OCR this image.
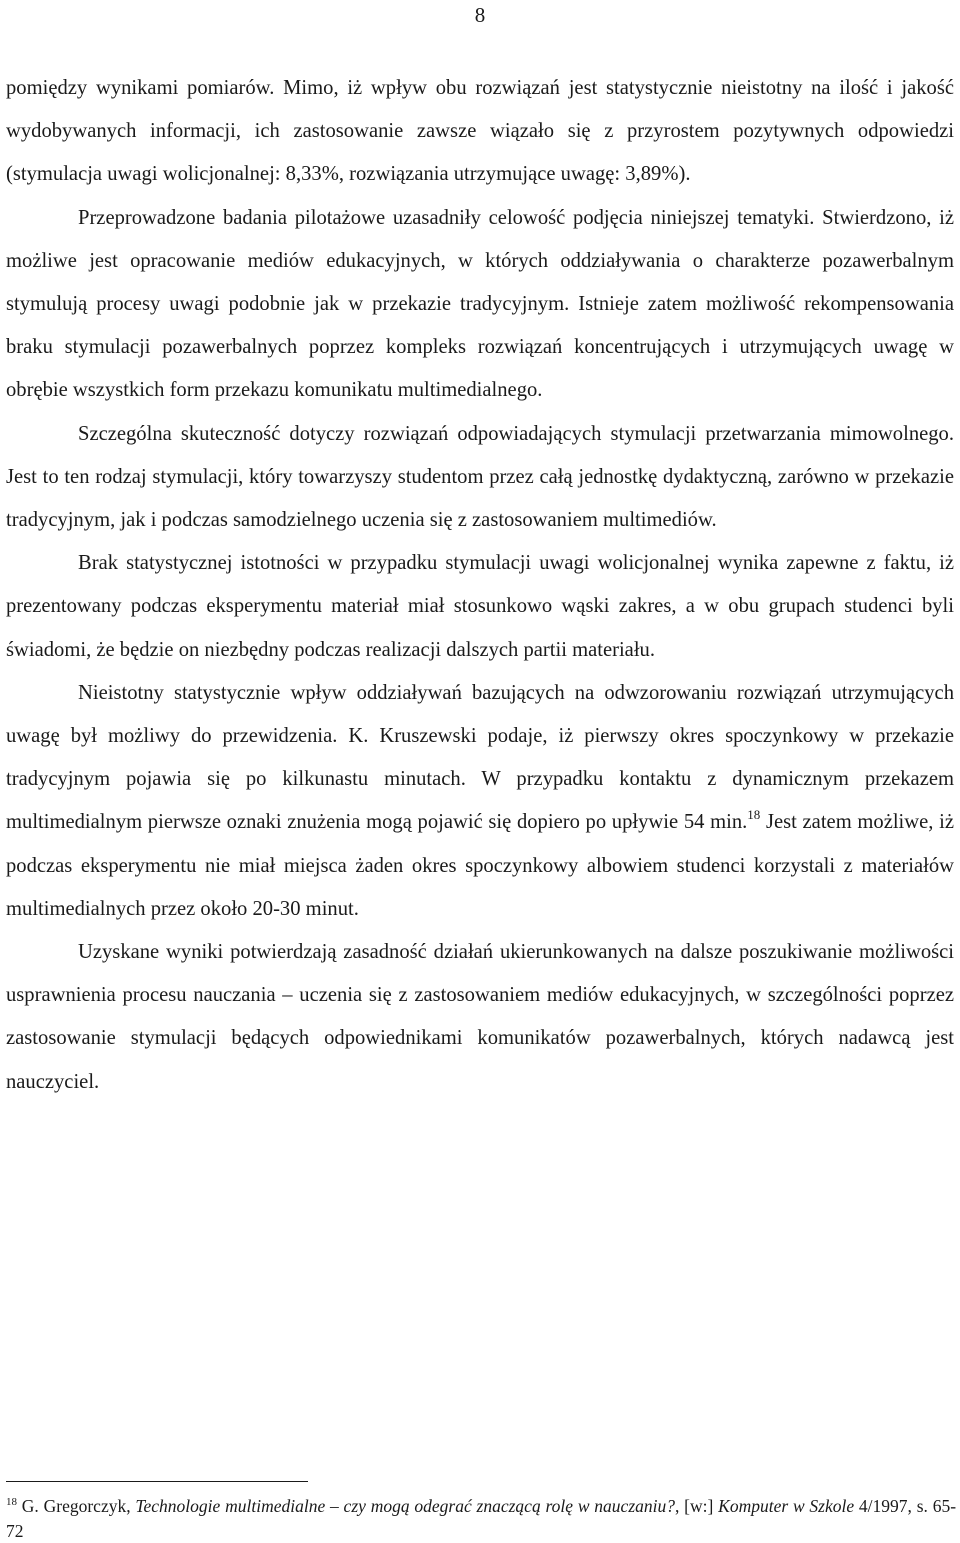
8

pomiędzy wynikami pomiarów. Mimo, iż wpływ obu rozwiązań jest statystycznie nieistotny na ilość i jakość wydobywanych informacji, ich zastosowanie zawsze wiązało się z przyrostem pozytywnych odpowiedzi (stymulacja uwagi wolicjonalnej: 8,33%, rozwiązania utrzymujące uwagę: 3,89%).

Przeprowadzone badania pilotażowe uzasadniły celowość podjęcia niniejszej tematyki. Stwierdzono, iż możliwe jest opracowanie mediów edukacyjnych, w których oddziaływania o charakterze pozawerbalnym stymulują procesy uwagi podobnie jak w przekazie tradycyjnym. Istnieje zatem możliwość rekompensowania braku stymulacji pozawerbalnych poprzez kompleks rozwiązań koncentrujących i utrzymujących uwagę w obrębie wszystkich form przekazu komunikatu multimedialnego.

Szczególna skuteczność dotyczy rozwiązań odpowiadających stymulacji przetwarzania mimowolnego. Jest to ten rodzaj stymulacji, który towarzyszy studentom przez całą jednostkę dydaktyczną, zarówno w przekazie tradycyjnym, jak i podczas samodzielnego uczenia się z zastosowaniem multimediów.

Brak statystycznej istotności w przypadku stymulacji uwagi wolicjonalnej wynika zapewne z faktu, iż prezentowany podczas eksperymentu materiał miał stosunkowo wąski zakres, a w obu grupach studenci byli świadomi, że będzie on niezbędny podczas realizacji dalszych partii materiału.

Nieistotny statystycznie wpływ oddziaływań bazujących na odwzorowaniu rozwiązań utrzymujących uwagę był możliwy do przewidzenia. K. Kruszewski podaje, iż pierwszy okres spoczynkowy w przekazie tradycyjnym pojawia się po kilkunastu minutach. W przypadku kontaktu z dynamicznym przekazem multimedialnym pierwsze oznaki znużenia mogą pojawić się dopiero po upływie 54 min.$^{18}$ Jest zatem możliwe, iż podczas eksperymentu nie miał miejsca żaden okres spoczynkowy albowiem studenci korzystali z materiałów multimedialnych przez około 20-30 minut.

Uzyskane wyniki potwierdzają zasadność działań ukierunkowanych na dalsze poszukiwanie możliwości usprawnienia procesu nauczania – uczenia się z zastosowaniem mediów edukacyjnych, w szczególności poprzez zastosowanie stymulacji będących odpowiednikami komunikatów pozawerbalnych, których nadawcą jest nauczyciel.

$^{18}$ G. Gregorczyk, Technologie multimedialne – czy mogą odegrać znaczącą rolę w nauczaniu?, [w:] Komputer w Szkole 4/1997, s. 65-72
